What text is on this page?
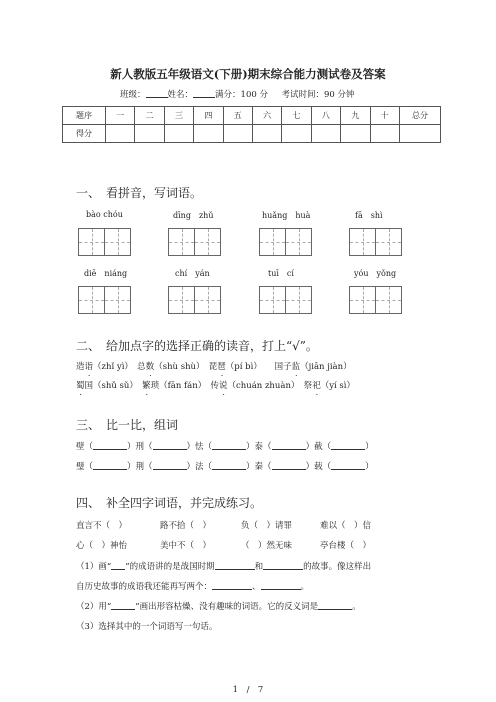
新人教版五年级语文(下册)期末综合能力测试卷及答案
班级：	姓名：	满分：100 分 考试时间：90 分钟
题序	一	二	三	四	五	六	七	八	九	十	总分
得分											
一、　看拼音，写词语。
bào chóu	dīng　zhǔ	huǎng　huà	fā　shì
diē　niáng	chí　yán	tuī　cí	yóu　yǒng
二、　给加点字的选择正确的读音，打上“√”。
造诣（zhǐ yì）　总数（shù shù）　琵琶（pí bì）　　国子监（jiān jiàn）
蜀国（shǔ sǔ）　繁琐（fān fán）　传说（chuán zhuàn）　祭祀（yí sì）
三、　比一比，组词
壁（	）刑（	）怯（	）泰（	）截（	）
璧（	）荆（	）法（	）秦（	）载（	）
四、　补全四字词语，并完成练习。
直言不（　）	路不拾（　）	负（　）请罪	难以（　）信
心（　）神怡	美中不（　）	（　）然无味	亭台楼（　）
（1）画“ ”的成语讲的是战国时期	和	的故事。像这样出
自历史故事的成语我还能再写两个：	、	。
（2）用“	”画出形容枯燥、没有趣味的词语。它的反义词是	。
（3）选择其中的一个词语写一句话。
1　/　7
